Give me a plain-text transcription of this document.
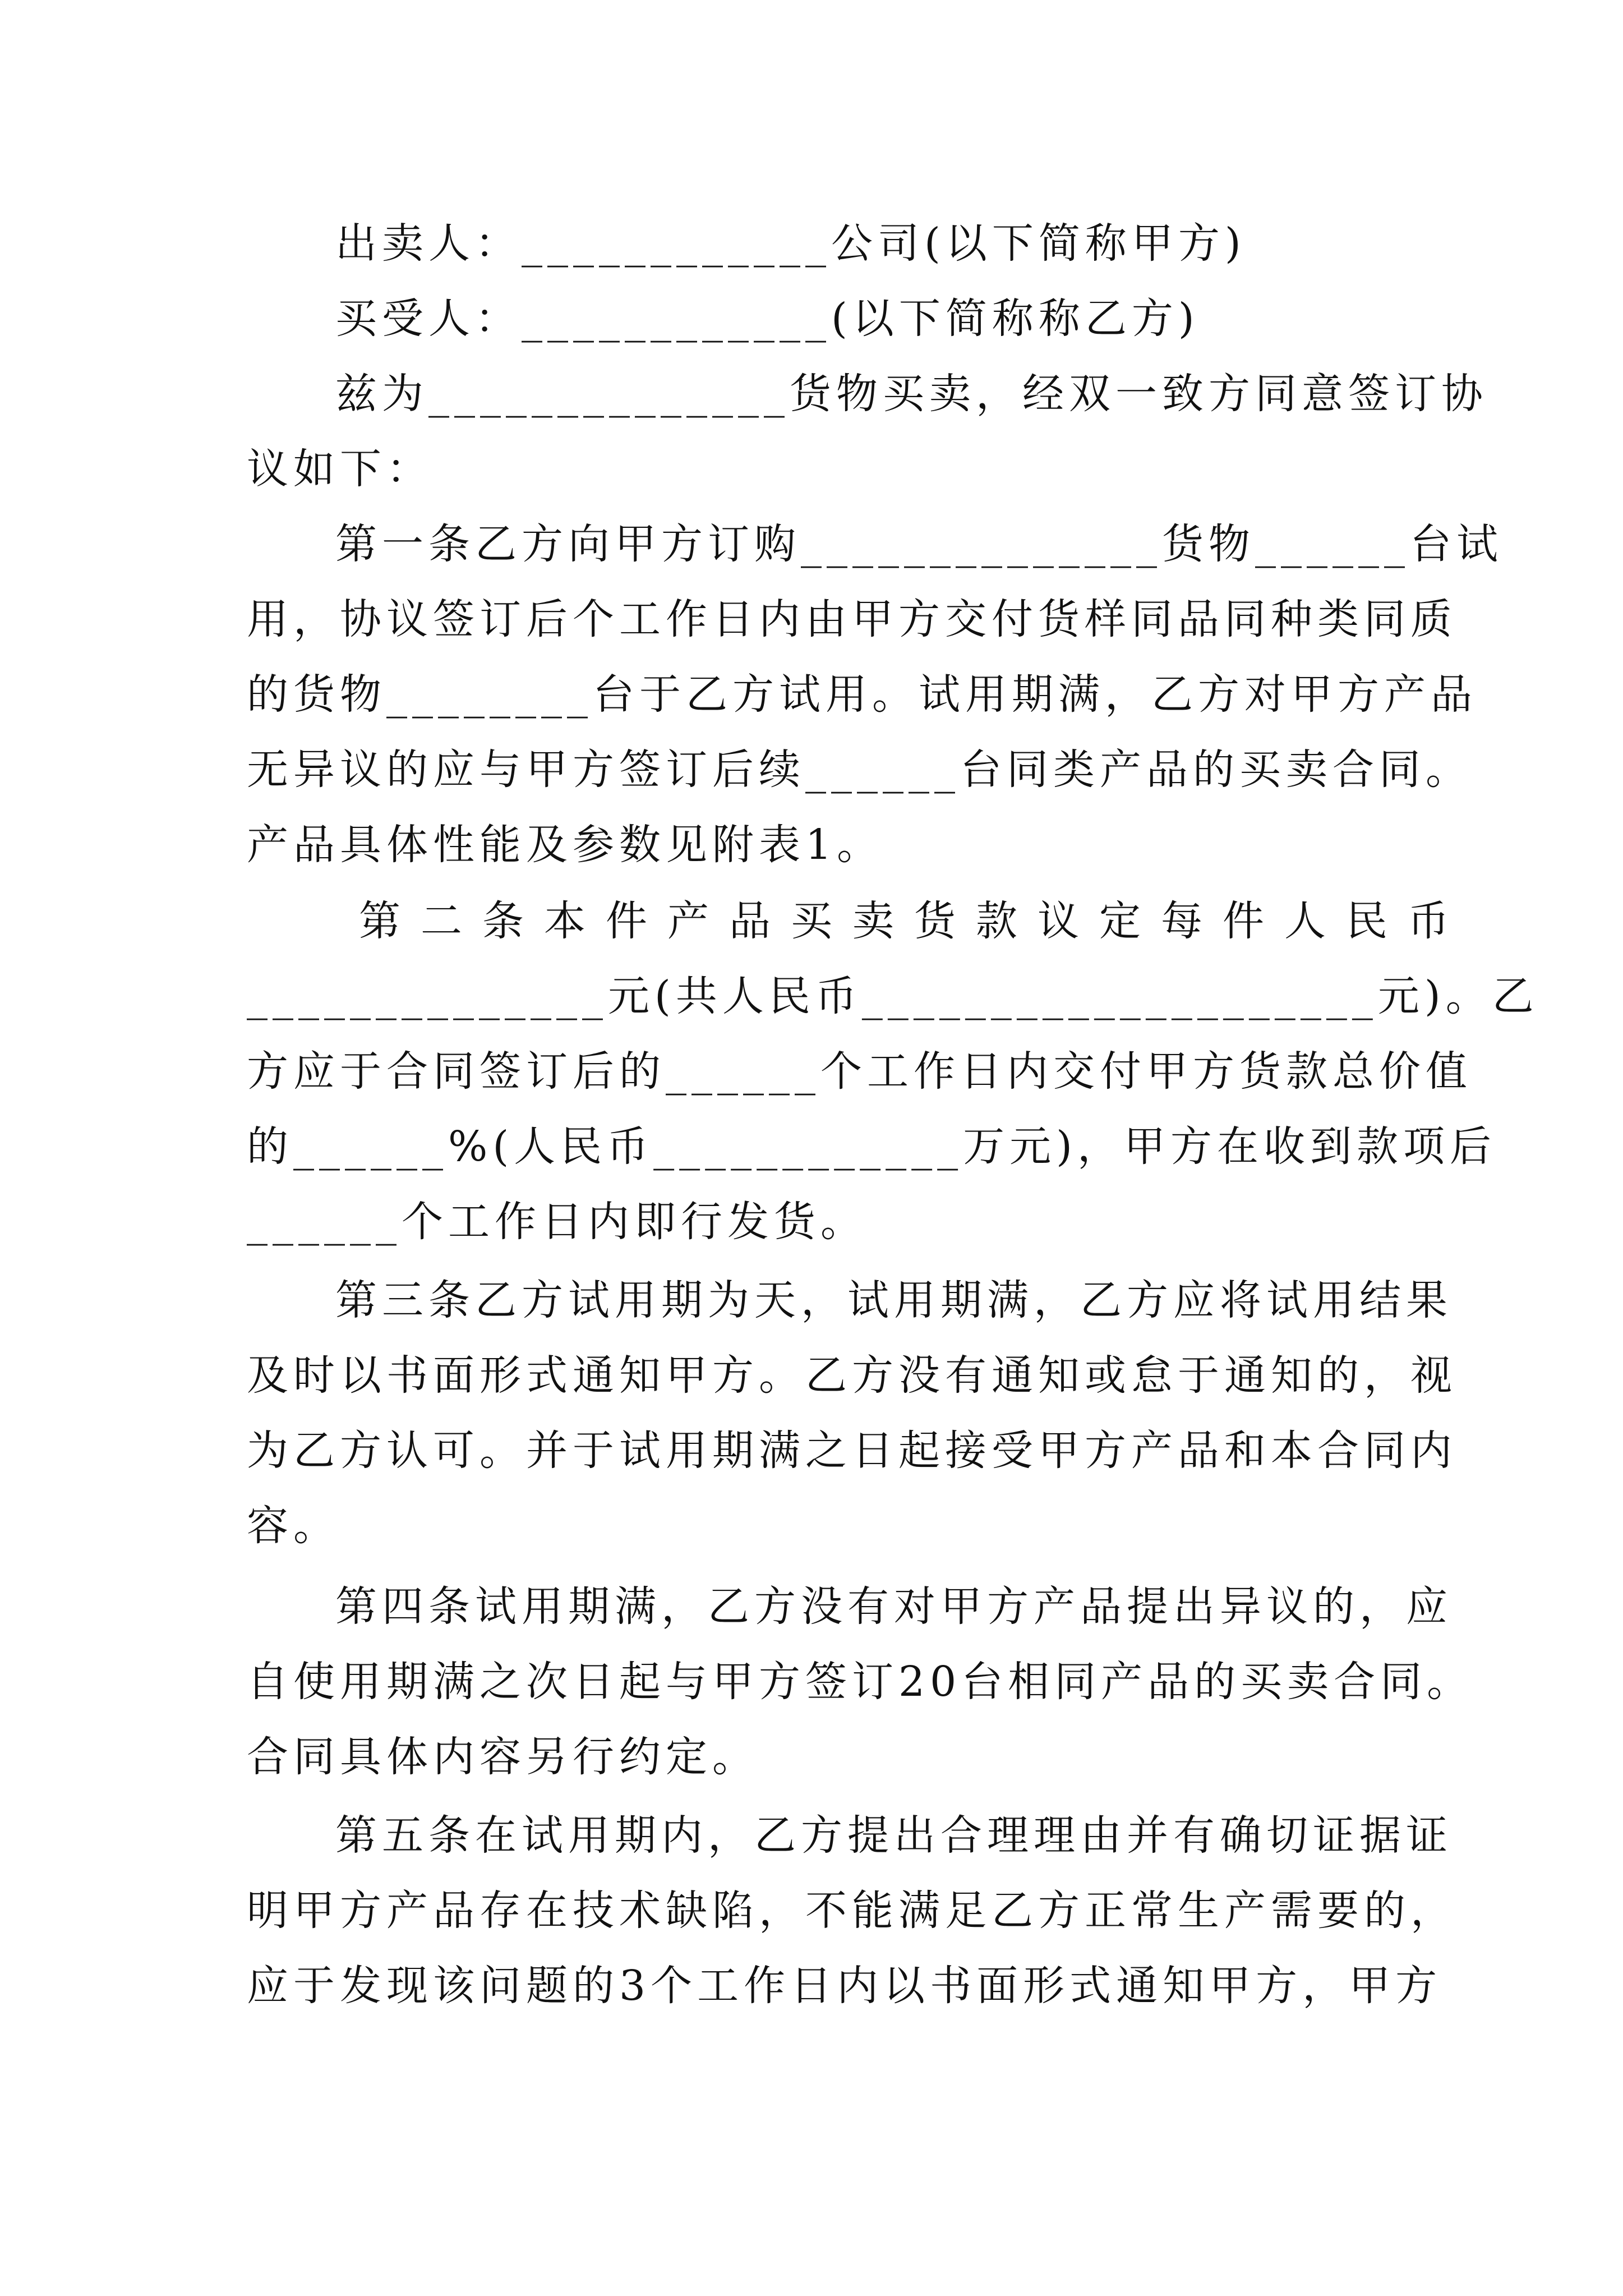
出卖人：____________公司(以下简称甲方)
买受人：____________(以下简称称乙方)
兹为______________货物买卖，经双一致方同意签订协
议如下：
第一条乙方向甲方订购______________货物______台试
用，协议签订后个工作日内由甲方交付货样同品同种类同质
的货物________台于乙方试用。试用期满，乙方对甲方产品
无异议的应与甲方签订后续______台同类产品的买卖合同。
产品具体性能及参数见附表1。
第二条本件产品买卖货款议定每件人民币
______________元(共人民币____________________元)。乙
方应于合同签订后的______个工作日内交付甲方货款总价值
的______%(人民币____________万元)，甲方在收到款项后
______个工作日内即行发货。
第三条乙方试用期为天，试用期满，乙方应将试用结果
及时以书面形式通知甲方。乙方没有通知或怠于通知的，视
为乙方认可。并于试用期满之日起接受甲方产品和本合同内
容。
第四条试用期满，乙方没有对甲方产品提出异议的，应
自使用期满之次日起与甲方签订20台相同产品的买卖合同。
合同具体内容另行约定。
第五条在试用期内，乙方提出合理理由并有确切证据证
明甲方产品存在技术缺陷，不能满足乙方正常生产需要的，
应于发现该问题的3个工作日内以书面形式通知甲方，甲方
